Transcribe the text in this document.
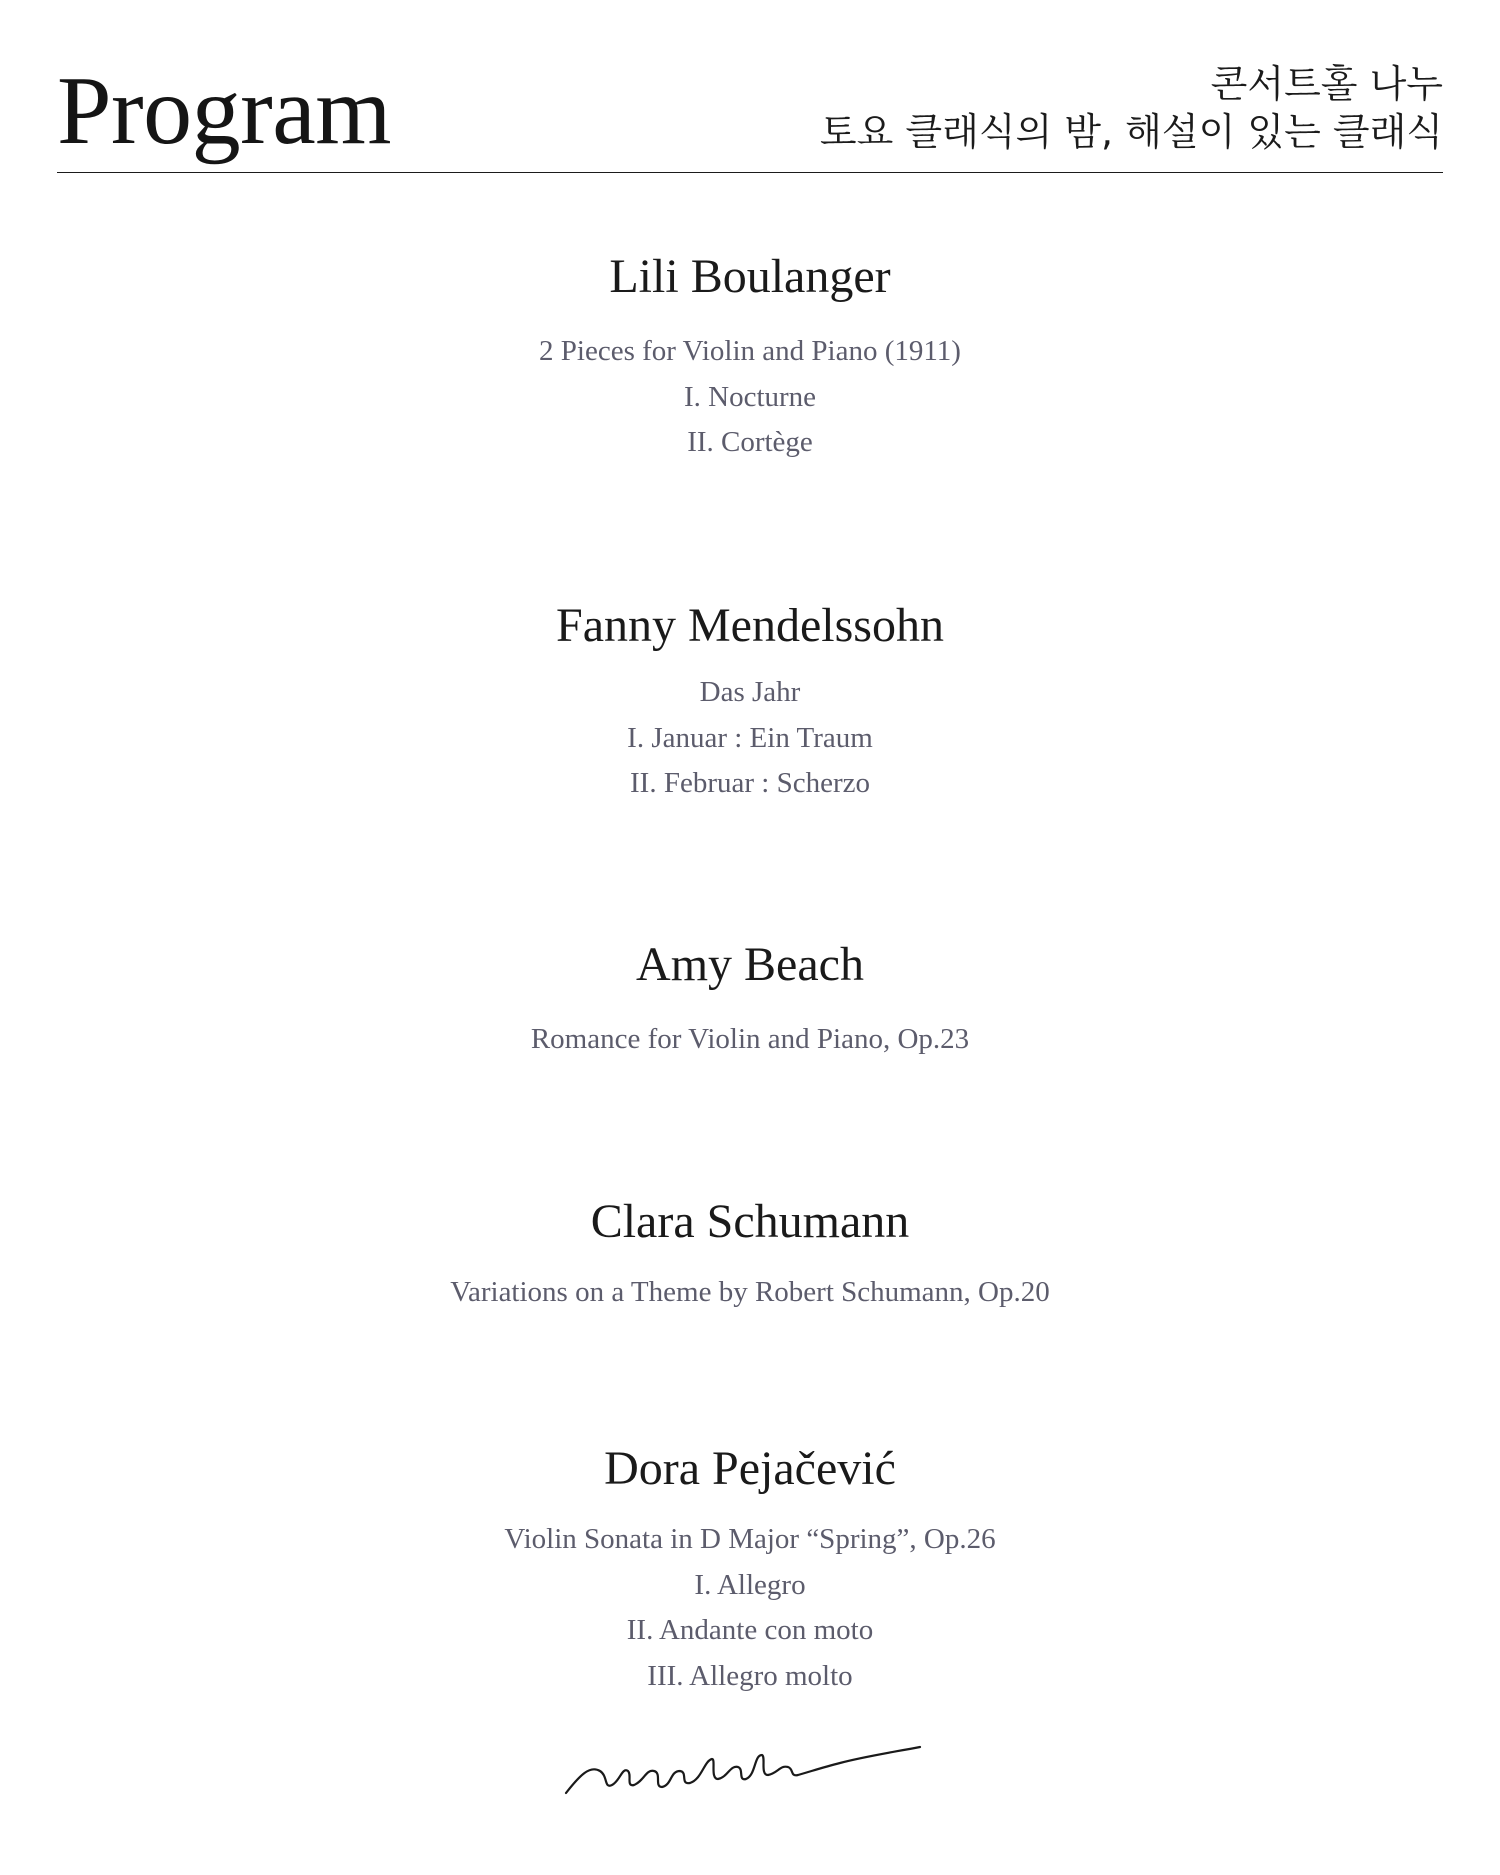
Program	콘서트홀 나누
토요 클래식의 밤, 해설이 있는 클래식
Lili Boulanger
2 Pieces for Violin and Piano (1911)
I. Nocturne
II. Cortège
Fanny Mendelssohn
Das Jahr
I. Januar : Ein Traum
II. Februar : Scherzo
Amy Beach
Romance for Violin and Piano, Op.23
Clara Schumann
Variations on a Theme by Robert Schumann, Op.20
Dora Pejačević
Violin Sonata in D Major “Spring”, Op.26
I. Allegro
II. Andante con moto
III. Allegro molto
